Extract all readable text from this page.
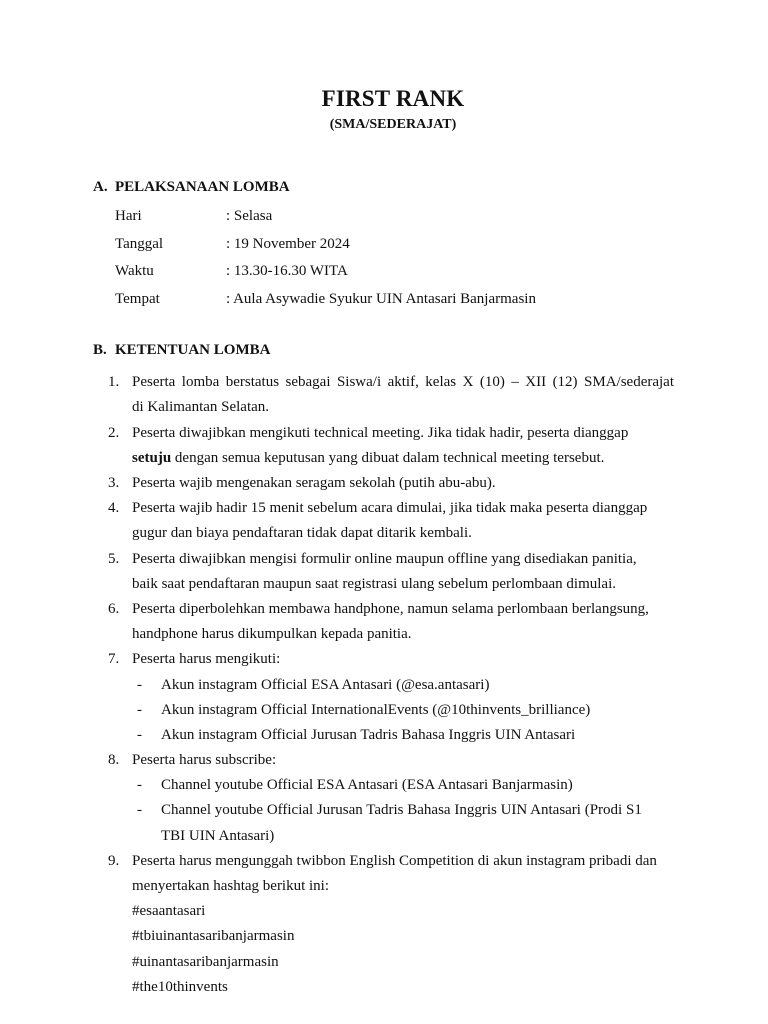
FIRST RANK
(SMA/SEDERAJAT)
A. PELAKSANAAN LOMBA
Hari	: Selasa
Tanggal	: 19 November 2024
Waktu	: 13.30-16.30 WITA
Tempat	: Aula Asywadie Syukur UIN Antasari Banjarmasin
B. KETENTUAN LOMBA
1. Peserta lomba berstatus sebagai Siswa/i aktif, kelas X (10) – XII (12) SMA/sederajat
di Kalimantan Selatan.
2. Peserta diwajibkan mengikuti technical meeting. Jika tidak hadir, peserta dianggap
setuju dengan semua keputusan yang dibuat dalam technical meeting tersebut.
3. Peserta wajib mengenakan seragam sekolah (putih abu-abu).
4. Peserta wajib hadir 15 menit sebelum acara dimulai, jika tidak maka peserta dianggap
gugur dan biaya pendaftaran tidak dapat ditarik kembali.
5. Peserta diwajibkan mengisi formulir online maupun offline yang disediakan panitia,
baik saat pendaftaran maupun saat registrasi ulang sebelum perlombaan dimulai.
6. Peserta diperbolehkan membawa handphone, namun selama perlombaan berlangsung,
handphone harus dikumpulkan kepada panitia.
7. Peserta harus mengikuti:
- Akun instagram Official ESA Antasari (@esa.antasari)
- Akun instagram Official InternationalEvents (@10thinvents_brilliance)
- Akun instagram Official Jurusan Tadris Bahasa Inggris UIN Antasari
8. Peserta harus subscribe:
- Channel youtube Official ESA Antasari (ESA Antasari Banjarmasin)
- Channel youtube Official Jurusan Tadris Bahasa Inggris UIN Antasari (Prodi S1
TBI UIN Antasari)
9. Peserta harus mengunggah twibbon English Competition di akun instagram pribadi dan
menyertakan hashtag berikut ini:
#esaantasari
#tbiuinantasaribanjarmasin
#uinantasaribanjarmasin
#the10thinvents
